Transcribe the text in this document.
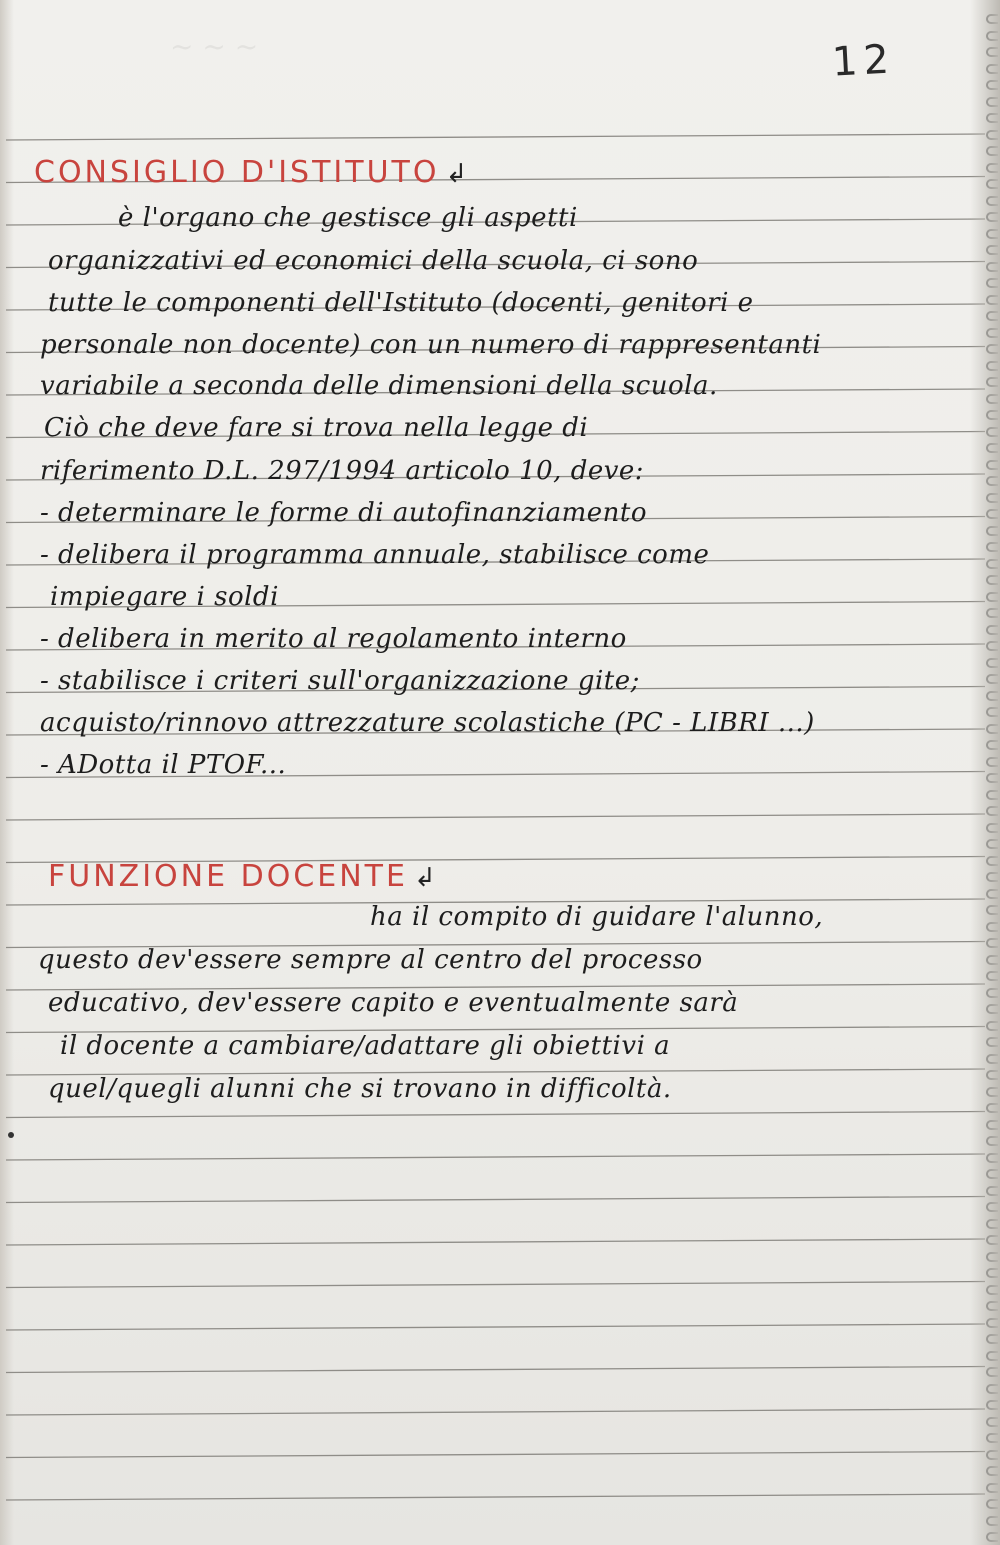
~ ~ ~	12
CONSIGLIO D'ISTITUTO ↲
è l'organo che gestisce gli aspetti
organizzativi ed economici della scuola, ci sono
tutte le componenti dell'Istituto (docenti, genitori e
personale non docente) con un numero di rappresentanti
variabile a seconda delle dimensioni della scuola.
Ciò che deve fare si trova nella legge di
riferimento D.L. 297/1994 articolo 10, deve:
- determinare le forme di autofinanziamento
- delibera il programma annuale, stabilisce come
impiegare i soldi
- delibera in merito al regolamento interno
- stabilisce i criteri sull'organizzazione gite;
acquisto/rinnovo attrezzature scolastiche (PC - LIBRI ...)
- ADotta il PTOF...
FUNZIONE DOCENTE ↲
ha il compito di guidare l'alunno,
questo dev'essere sempre al centro del processo
educativo, dev'essere capito e eventualmente sarà
il docente a cambiare/adattare gli obiettivi a
quel/quegli alunni che si trovano in difficoltà.
